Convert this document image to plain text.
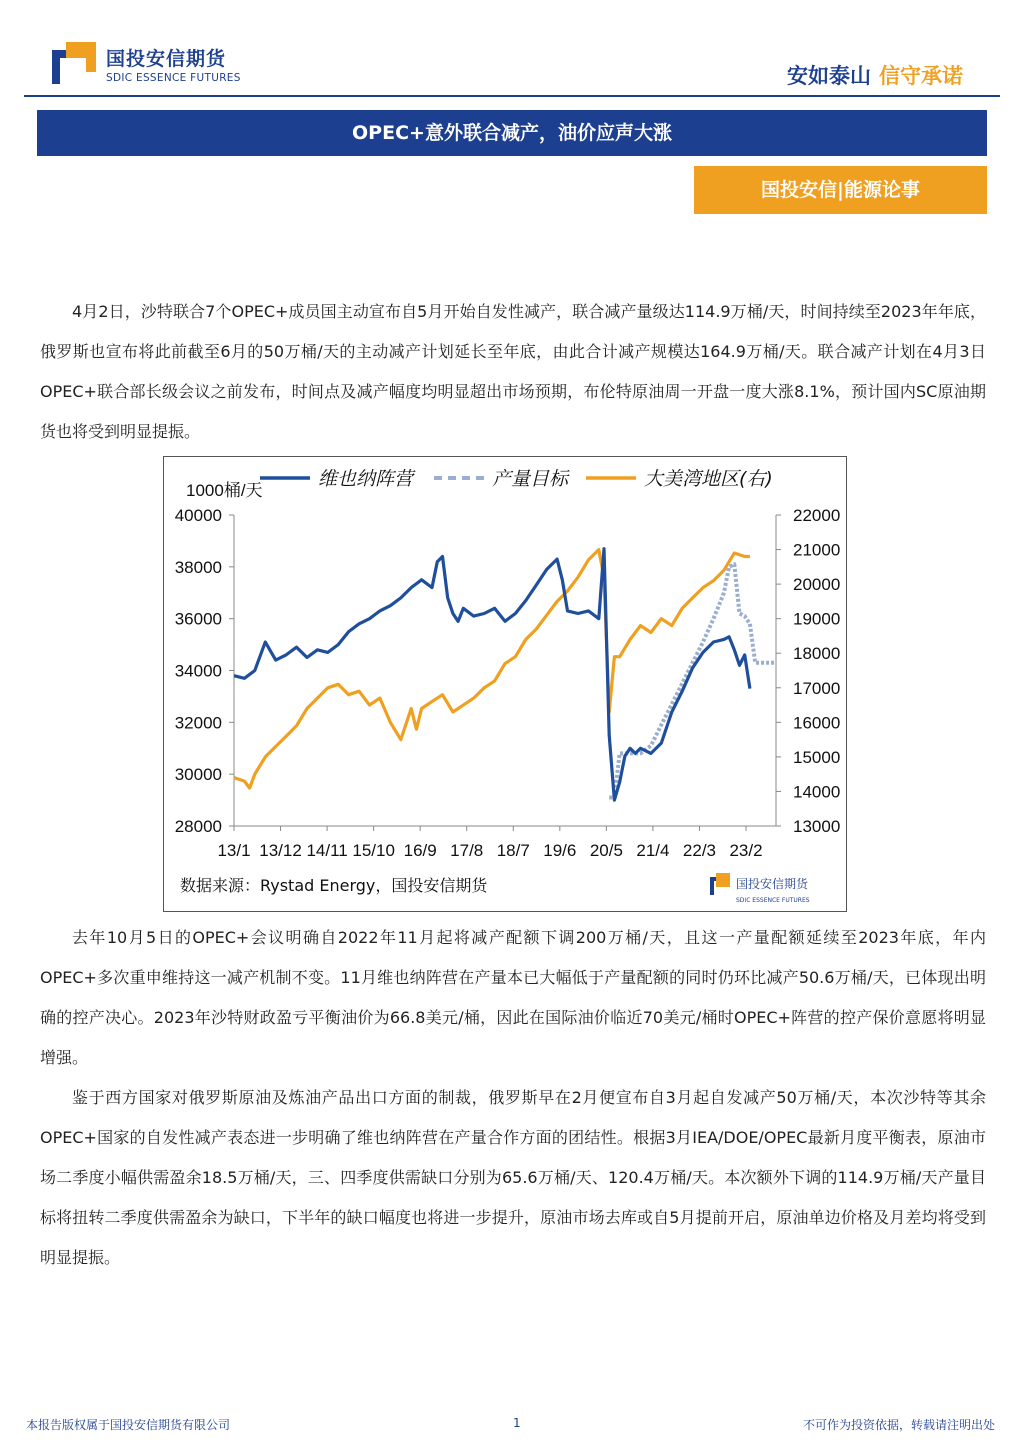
国投安信期货
SDIC ESSENCE FUTURES	安如泰山 信守承诺
OPEC+意外联合减产，油价应声大涨
国投安信|能源论事

4月2日，沙特联合7个OPEC+成员国主动宣布自5月开始自发性减产，联合减产量级达114.9万桶/天，时间持续至2023年年底，俄罗斯也宣布将此前截至6月的50万桶/天的主动减产计划延长至年底，由此合计减产规模达164.9万桶/天。联合减产计划在4月3日OPEC+联合部长级会议之前发布，时间点及减产幅度均明显超出市场预期，布伦特原油周一开盘一度大涨8.1%，预计国内SC原油期货也将受到明显提振。

28000
30000
32000
34000
36000
38000
40000
13000
14000
15000
16000
17000
18000
19000
20000
21000
22000
13/1 13/12 14/11 15/10 16/9 17/8 18/7 19/6 20/5 21/4 22/3 23/2
维也纳阵营	产量目标	大美湾地区(右)
1000桶/天
数据来源：Rystad Energy，国投安信期货	国投安信期货
SDIC ESSENCE FUTURES

去年10月5日的OPEC+会议明确自2022年11月起将减产配额下调200万桶/天，且这一产量配额延续至2023年底，年内OPEC+多次重申维持这一减产机制不变。11月维也纳阵营在产量本已大幅低于产量配额的同时仍环比减产50.6万桶/天，已体现出明确的控产决心。2023年沙特财政盈亏平衡油价为66.8美元/桶，因此在国际油价临近70美元/桶时OPEC+阵营的控产保价意愿将明显增强。

鉴于西方国家对俄罗斯原油及炼油产品出口方面的制裁，俄罗斯早在2月便宣布自3月起自发减产50万桶/天，本次沙特等其余OPEC+国家的自发性减产表态进一步明确了维也纳阵营在产量合作方面的团结性。根据3月IEA/DOE/OPEC最新月度平衡表，原油市场二季度小幅供需盈余18.5万桶/天，三、四季度供需缺口分别为65.6万桶/天、120.4万桶/天。本次额外下调的114.9万桶/天产量目标将扭转二季度供需盈余为缺口，下半年的缺口幅度也将进一步提升，原油市场去库或自5月提前开启，原油单边价格及月差均将受到明显提振。

本报告版权属于国投安信期货有限公司	1	不可作为投资依据，转载请注明出处
